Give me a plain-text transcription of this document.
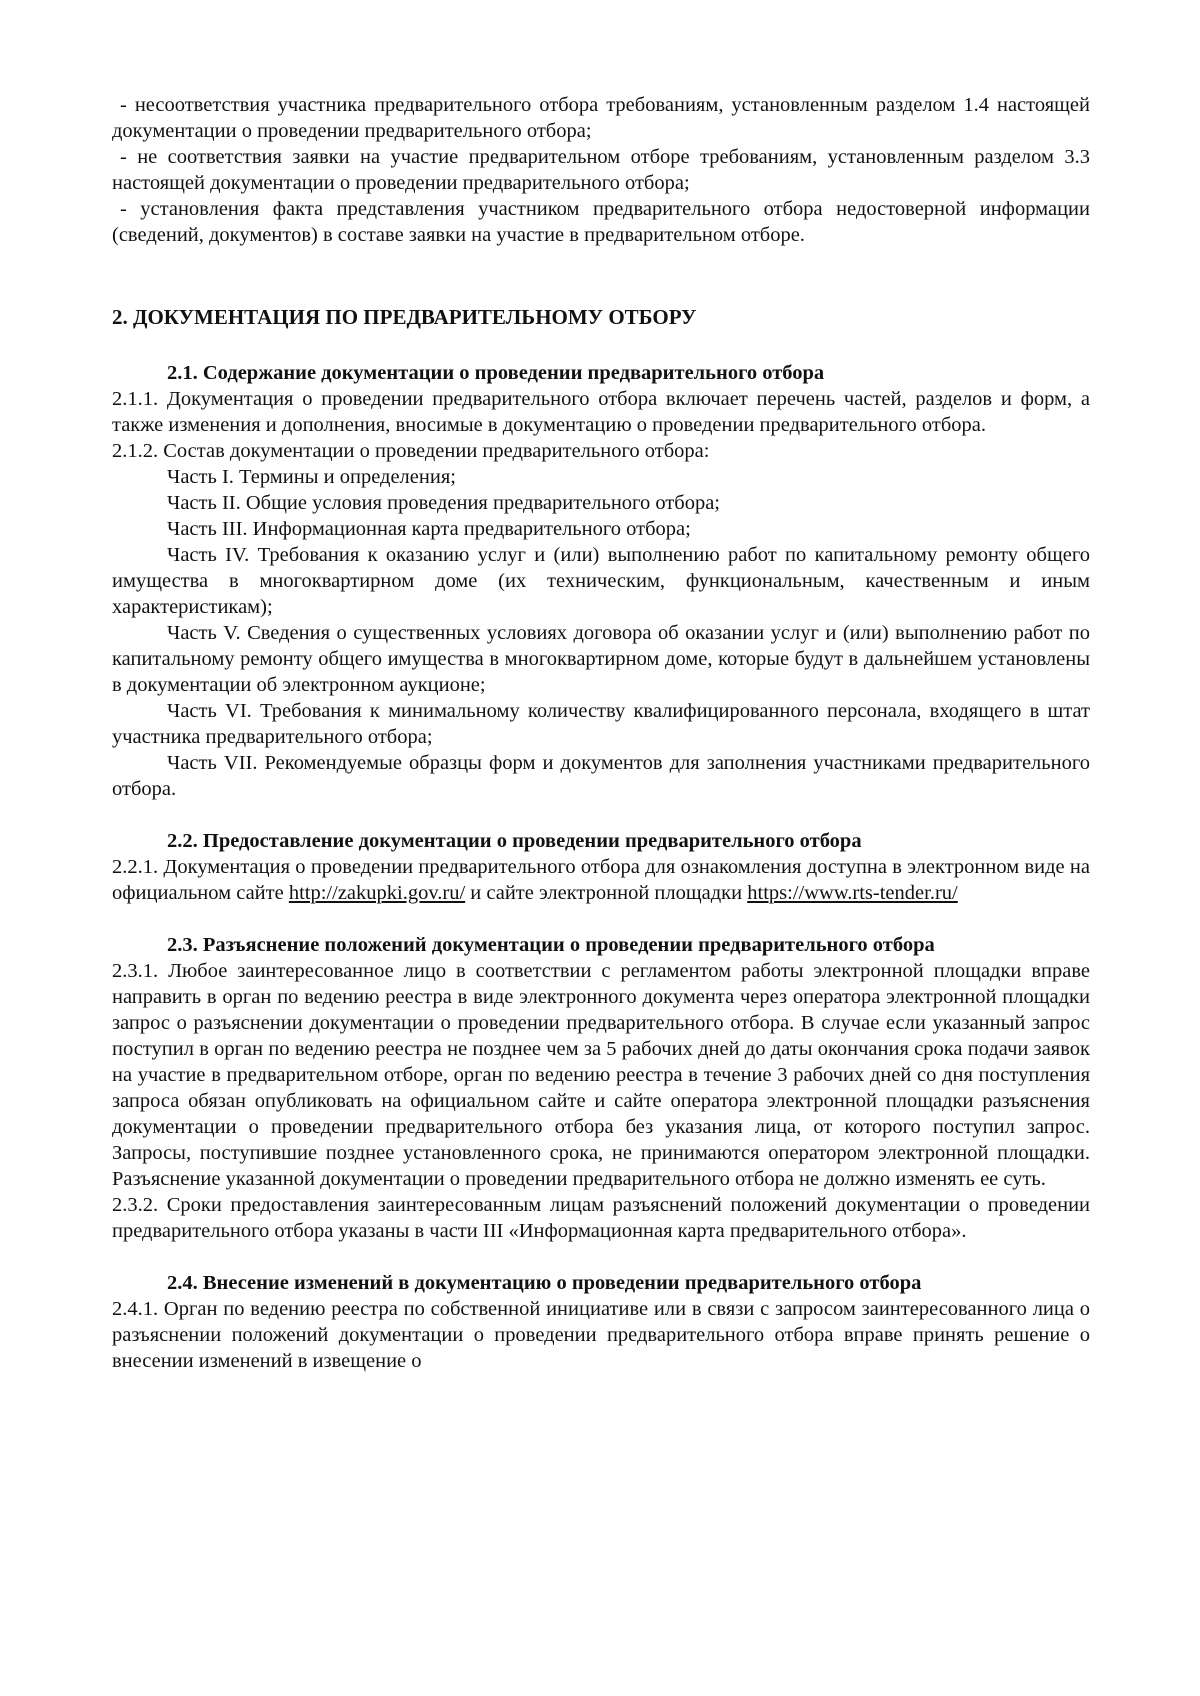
- несоответствия участника предварительного отбора требованиям, установленным разделом 1.4 настоящей документации о проведении предварительного отбора;

- не соответствия заявки на участие предварительном отборе требованиям, установленным разделом 3.3 настоящей документации о проведении предварительного отбора;

- установления факта представления участником предварительного отбора недостоверной информации (сведений, документов) в составе заявки на участие в предварительном отборе.

2. ДОКУМЕНТАЦИЯ ПО ПРЕДВАРИТЕЛЬНОМУ ОТБОРУ

2.1. Содержание документации о проведении предварительного отбора

2.1.1. Документация о проведении предварительного отбора включает перечень частей, разделов и форм, а также изменения и дополнения, вносимые в документацию о проведении предварительного отбора.

2.1.2. Состав документации о проведении предварительного отбора:

Часть I. Термины и определения;

Часть II. Общие условия проведения предварительного отбора;

Часть III. Информационная карта предварительного отбора;

Часть IV. Требования к оказанию услуг и (или) выполнению работ по капитальному ремонту общего имущества в многоквартирном доме (их техническим, функциональным, качественным и иным характеристикам);

Часть V. Сведения о существенных условиях договора об оказании услуг и (или) выполнению работ по капитальному ремонту общего имущества в многоквартирном доме, которые будут в дальнейшем установлены в документации об электронном аукционе;

Часть VI. Требования к минимальному количеству квалифицированного персонала, входящего в штат участника предварительного отбора;

Часть VII. Рекомендуемые образцы форм и документов для заполнения участниками предварительного отбора.

2.2. Предоставление документации о проведении предварительного отбора

2.2.1. Документация о проведении предварительного отбора для ознакомления доступна в электронном виде на официальном сайте http://zakupki.gov.ru/ и сайте электронной площадки https://www.rts-tender.ru/

2.3. Разъяснение положений документации о проведении предварительного отбора

2.3.1. Любое заинтересованное лицо в соответствии с регламентом работы электронной площадки вправе направить в орган по ведению реестра в виде электронного документа через оператора электронной площадки запрос о разъяснении документации о проведении предварительного отбора. В случае если указанный запрос поступил в орган по ведению реестра не позднее чем за 5 рабочих дней до даты окончания срока подачи заявок на участие в предварительном отборе, орган по ведению реестра в течение 3 рабочих дней со дня поступления запроса обязан опубликовать на официальном сайте и сайте оператора электронной площадки разъяснения документации о проведении предварительного отбора без указания лица, от которого поступил запрос. Запросы, поступившие позднее установленного срока, не принимаются оператором электронной площадки. Разъяснение указанной документации о проведении предварительного отбора не должно изменять ее суть.

2.3.2. Сроки предоставления заинтересованным лицам разъяснений положений документации о проведении предварительного отбора указаны в части III «Информационная карта предварительного отбора».

2.4. Внесение изменений в документацию о проведении предварительного отбора

2.4.1. Орган по ведению реестра по собственной инициативе или в связи с запросом заинтересованного лица о разъяснении положений документации о проведении предварительного отбора вправе принять решение о внесении изменений в извещение о
